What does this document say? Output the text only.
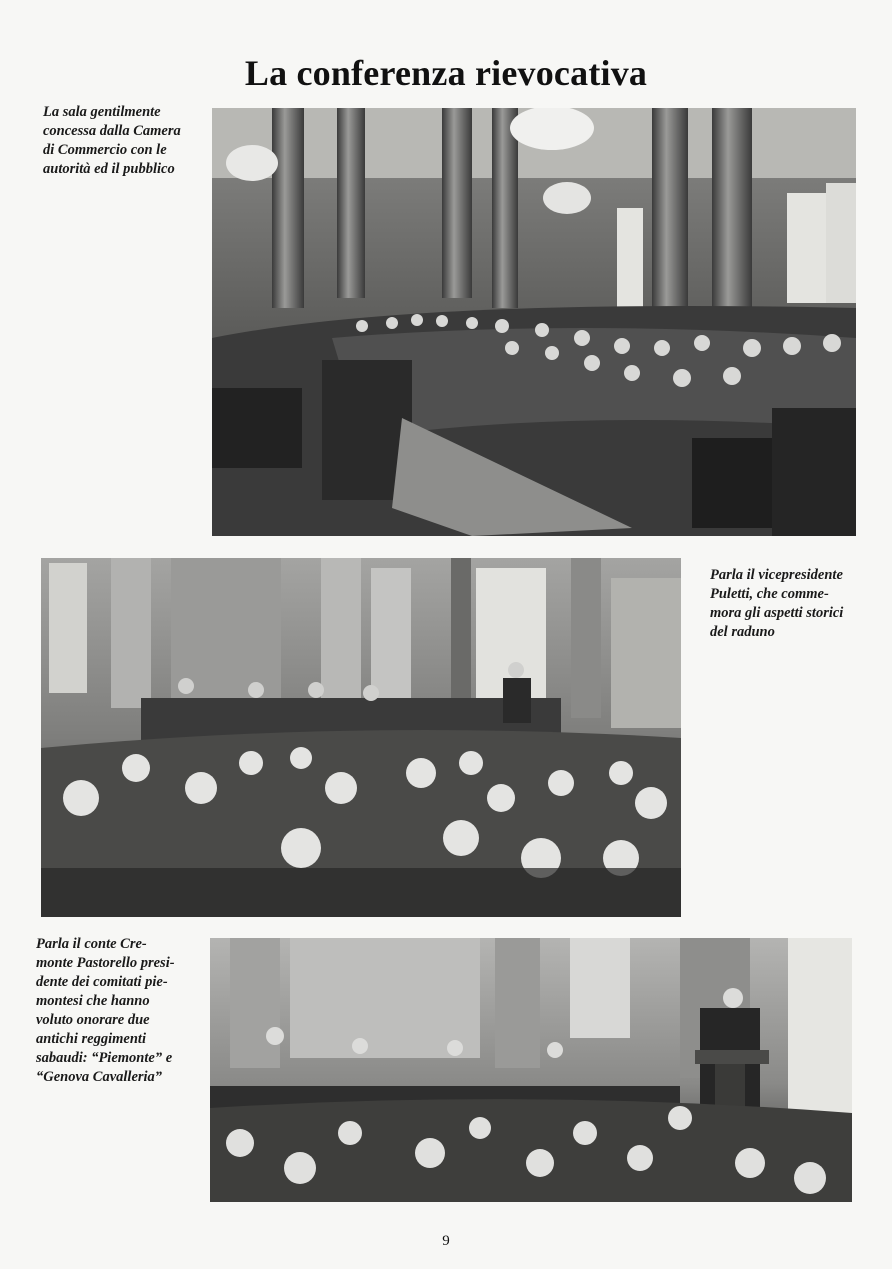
La conferenza rievocativa
La sala gentilmente
concessa dalla Camera
di Commercio con le
autorità ed il pubblico
Parla il vicepresidente
Puletti, che comme-
mora gli aspetti storici
del raduno
Parla il conte Cre-
monte Pastorello presi-
dente dei comitati pie-
montesi che hanno
voluto onorare due
antichi reggimenti
sabaudi: “Piemonte” e
“Genova Cavalleria”
9
